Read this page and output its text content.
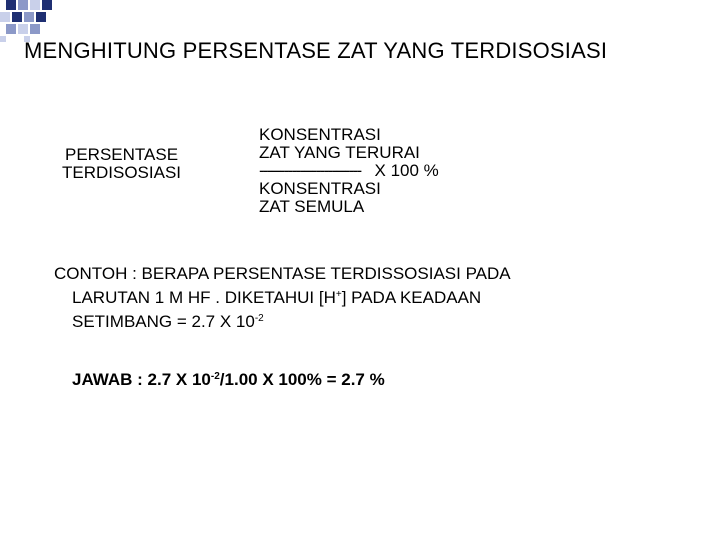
MENGHITUNG PERSENTASE ZAT YANG TERDISOSIASI
PERSENTASE
TERDISOSIASI
KONSENTRASI
ZAT YANG TERURAI
------------------------- X 100 %
KONSENTRASI
ZAT SEMULA
CONTOH : BERAPA PERSENTASE TERDISSOSIASI PADA
LARUTAN 1 M HF . DIKETAHUI [H+] PADA KEADAAN
SETIMBANG = 2.7 X $10^{-2}$
JAWAB : 2.7 X $10^{-2}/1.00$ X 100% = 2.7 %
